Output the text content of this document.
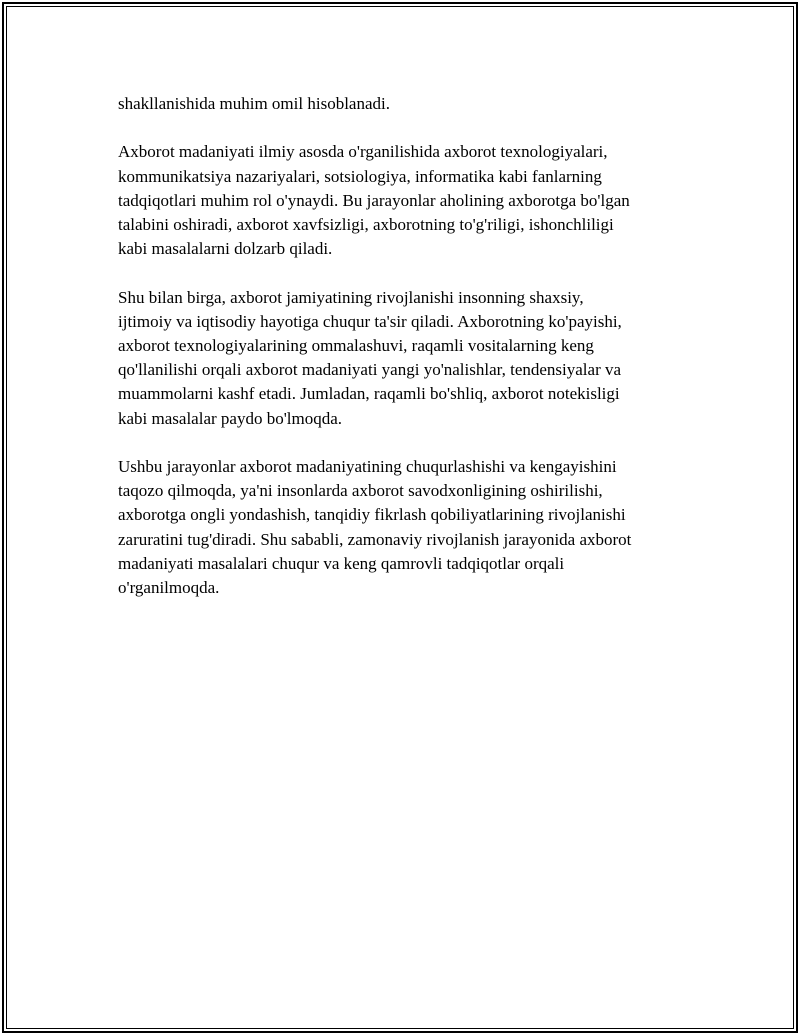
shakllanishida muhim omil hisoblanadi.

Axborot madaniyati ilmiy asosda o'rganilishida axborot texnologiyalari,
kommunikatsiya nazariyalari, sotsiologiya, informatika kabi fanlarning
tadqiqotlari muhim rol o'ynaydi. Bu jarayonlar aholining axborotga bo'lgan
talabini oshiradi, axborot xavfsizligi, axborotning to'g'riligi, ishonchliligi
kabi masalalarni dolzarb qiladi.

Shu bilan birga, axborot jamiyatining rivojlanishi insonning shaxsiy,
ijtimoiy va iqtisodiy hayotiga chuqur ta'sir qiladi. Axborotning ko'payishi,
axborot texnologiyalarining ommalashuvi, raqamli vositalarning keng
qo'llanilishi orqali axborot madaniyati yangi yo'nalishlar, tendensiyalar va
muammolarni kashf etadi. Jumladan, raqamli bo'shliq, axborot notekisligi
kabi masalalar paydo bo'lmoqda.

Ushbu jarayonlar axborot madaniyatining chuqurlashishi va kengayishini
taqozo qilmoqda, ya'ni insonlarda axborot savodxonligining oshirilishi,
axborotga ongli yondashish, tanqidiy fikrlash qobiliyatlarining rivojlanishi
zaruratini tug'diradi. Shu sababli, zamonaviy rivojlanish jarayonida axborot
madaniyati masalalari chuqur va keng qamrovli tadqiqotlar orqali
o'rganilmoqda.
